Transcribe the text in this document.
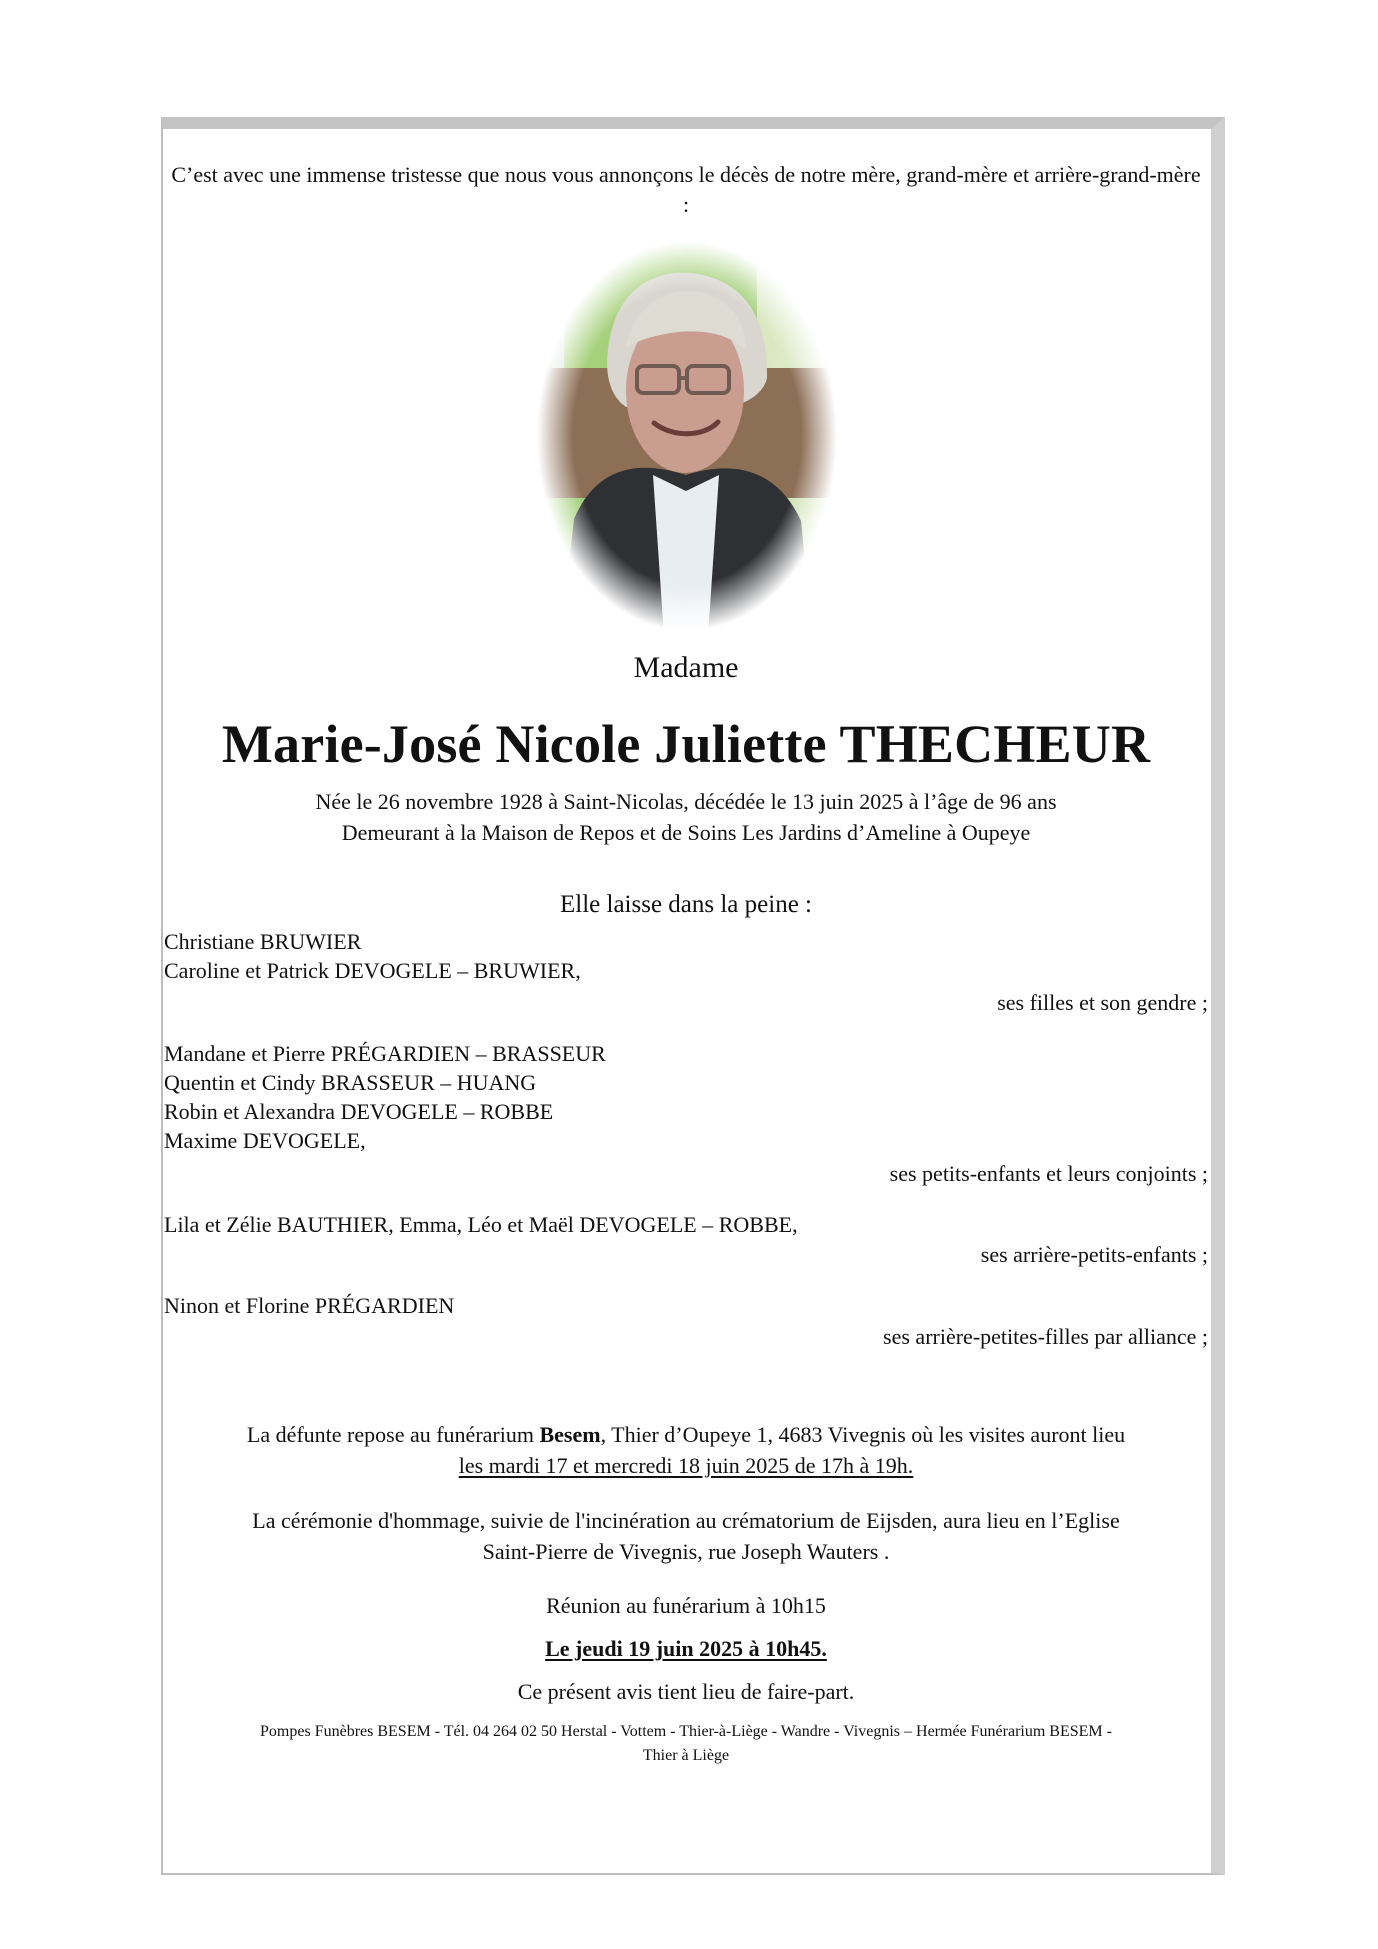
C’est avec une immense tristesse que nous vous annonçons le décès de notre mère, grand-mère et arrière-grand-mère :

Madame

Marie-José Nicole Juliette THECHEUR

Née le 26 novembre 1928 à Saint-Nicolas, décédée le 13 juin 2025 à l’âge de 96 ans

Demeurant à la Maison de Repos et de Soins Les Jardins d’Ameline à Oupeye

Elle laisse dans la peine :

Christiane BRUWIER

Caroline et Patrick DEVOGELE – BRUWIER,

ses filles et son gendre ;

Mandane et Pierre PRÉGARDIEN – BRASSEUR

Quentin et Cindy BRASSEUR – HUANG

Robin et Alexandra DEVOGELE – ROBBE

Maxime DEVOGELE,

ses petits-enfants et leurs conjoints ;

Lila et Zélie BAUTHIER, Emma, Léo et Maël DEVOGELE – ROBBE,

ses arrière-petits-enfants ;

Ninon et Florine PRÉGARDIEN

ses arrière-petites-filles par alliance ;

La défunte repose au funérarium Besem, Thier d’Oupeye 1, 4683 Vivegnis où les visites auront lieu

les mardi 17 et mercredi 18 juin 2025 de 17h à 19h.

La cérémonie d'hommage, suivie de l'incinération au crématorium de Eijsden, aura lieu en l’Eglise

Saint-Pierre de Vivegnis, rue Joseph Wauters .

Réunion au funérarium à 10h15

Le jeudi 19 juin 2025 à 10h45.

Ce présent avis tient lieu de faire-part.

Pompes Funèbres BESEM - Tél. 04 264 02 50 Herstal - Vottem - Thier-à-Liège - Wandre - Vivegnis – Hermée Funérarium BESEM -
Thier à Liège
